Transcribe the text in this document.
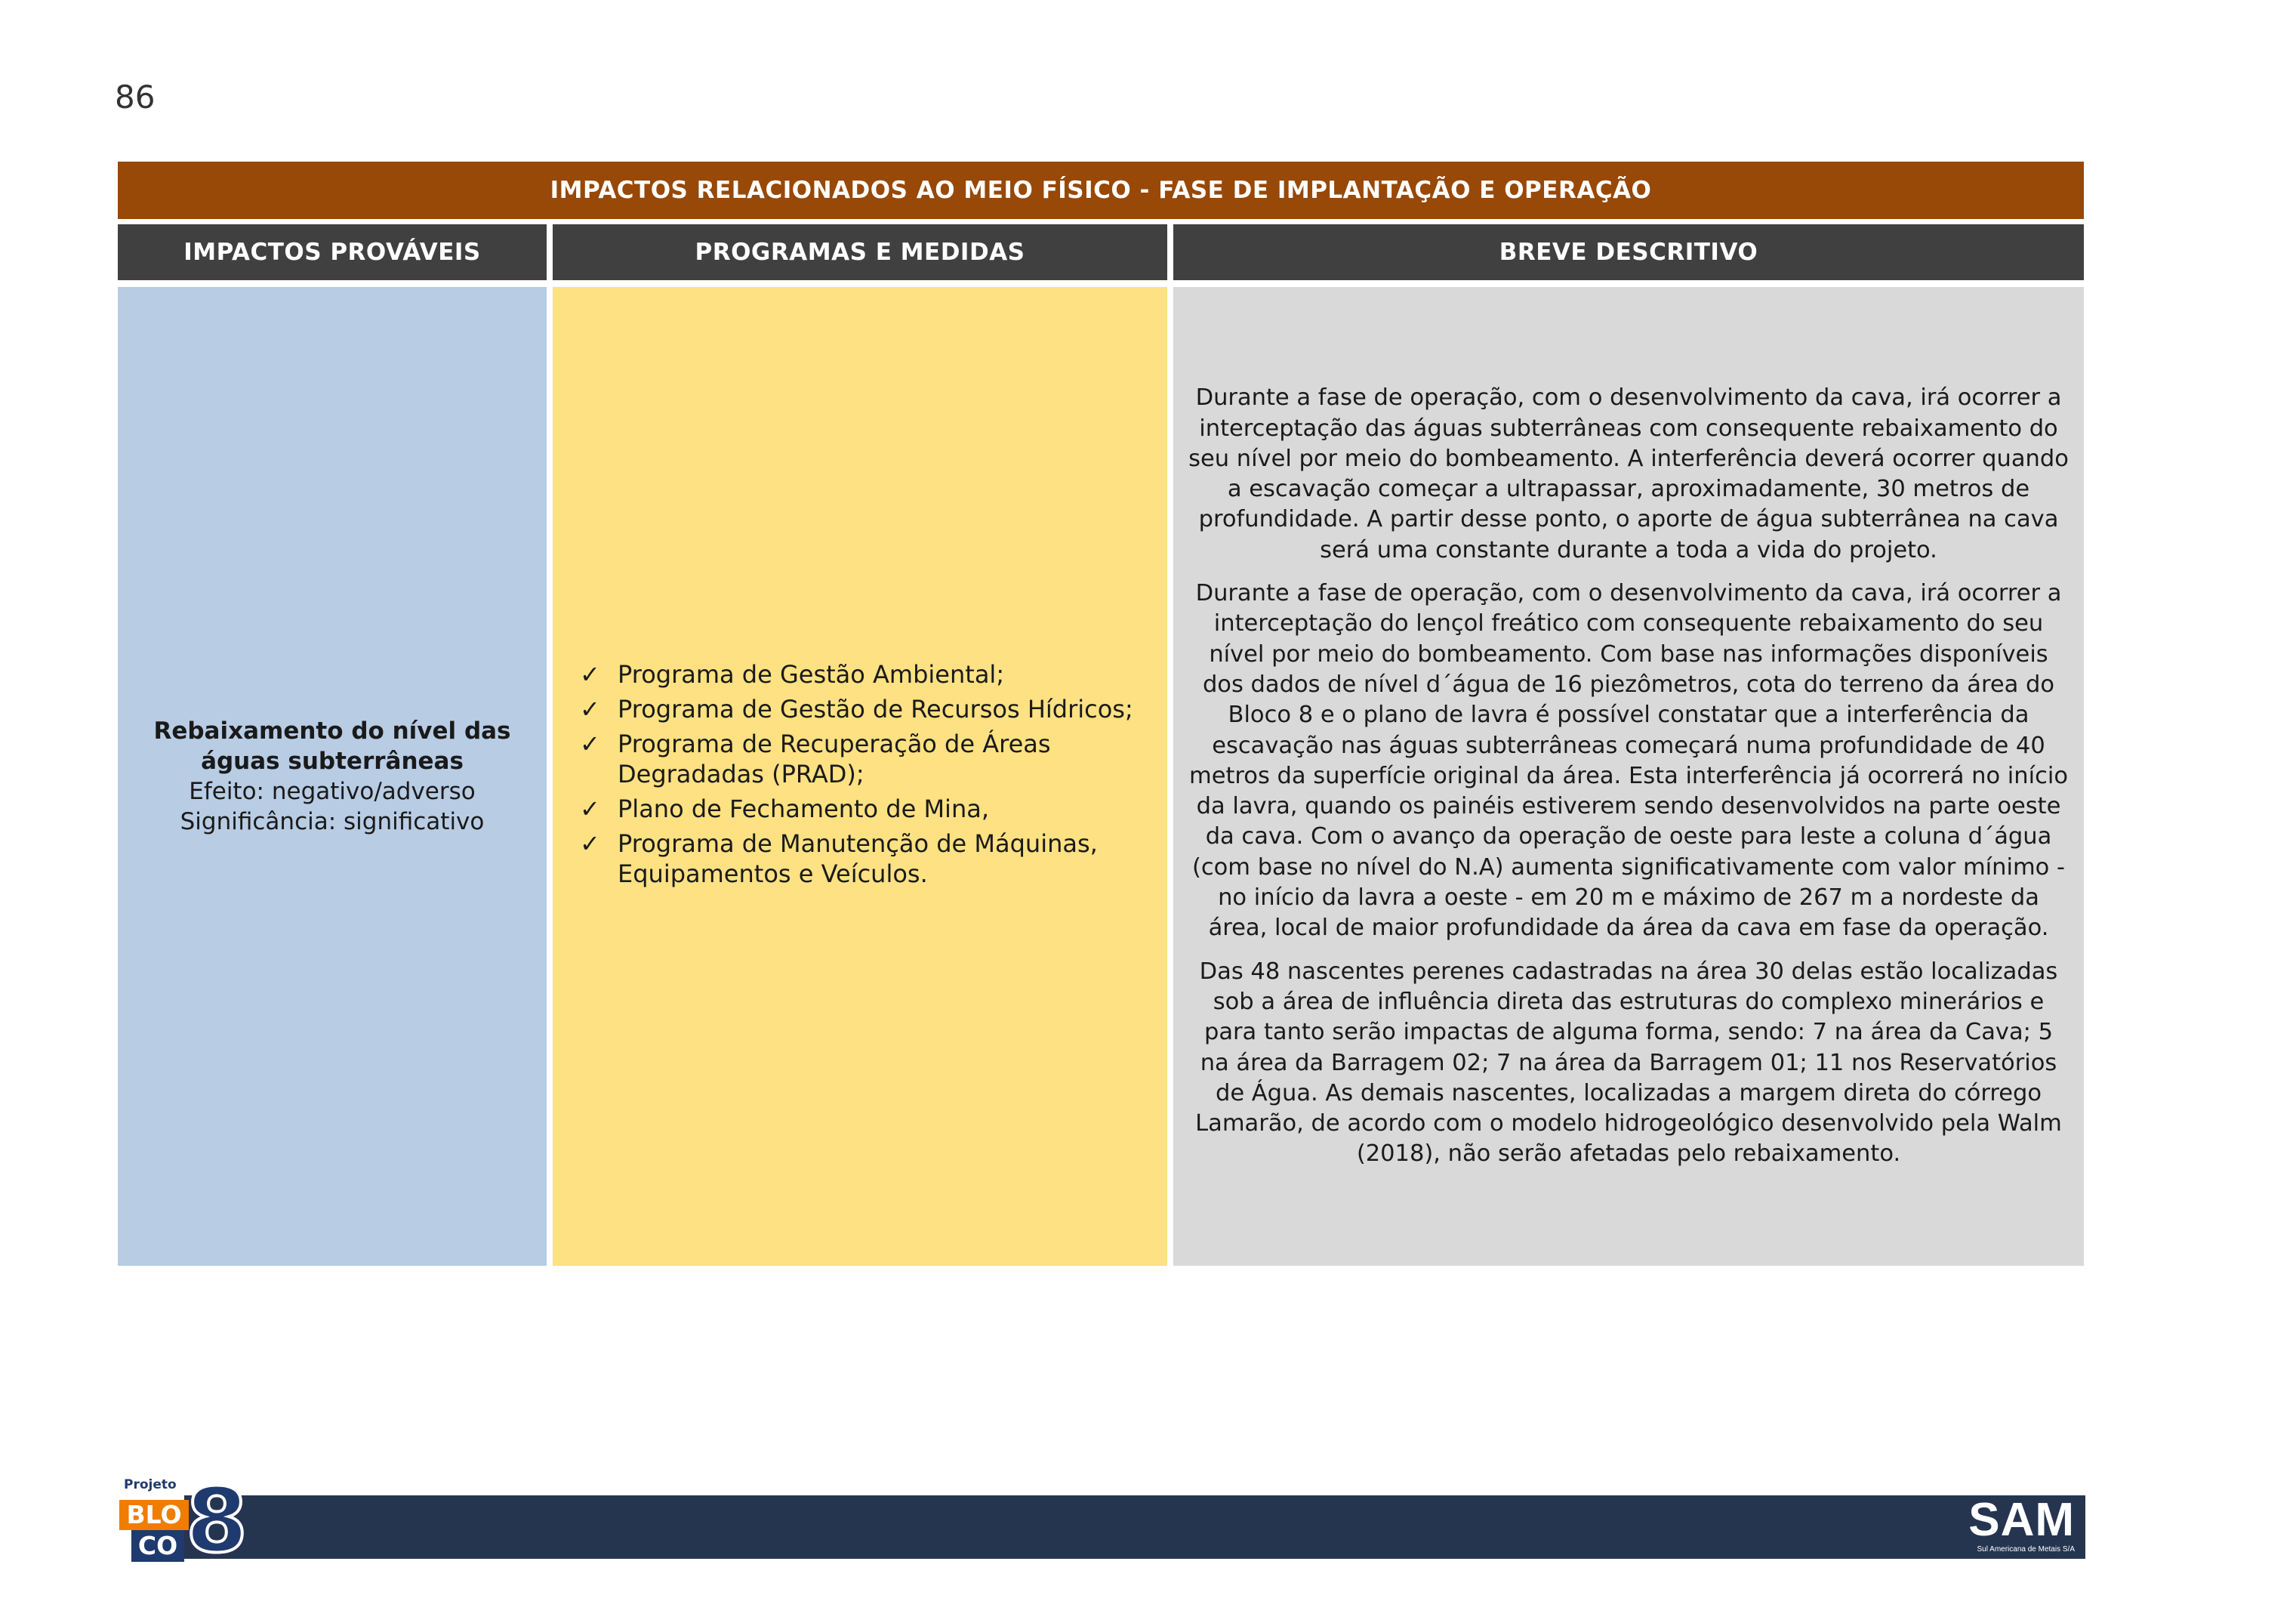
86
IMPACTOS RELACIONADOS AO MEIO FÍSICO - FASE DE IMPLANTAÇÃO E OPERAÇÃO
IMPACTOS PROVÁVEIS	PROGRAMAS E MEDIDAS	BREVE DESCRITIVO
Rebaixamento do nível das águas subterrâneas
Efeito: negativo/adverso
Significância: significativo
✓ Programa de Gestão Ambiental;
✓ Programa de Gestão de Recursos Hídricos;
✓ Programa de Recuperação de Áreas Degradadas (PRAD);
✓ Plano de Fechamento de Mina,
✓ Programa de Manutenção de Máquinas, Equipamentos e Veículos.

Durante a fase de operação, com o desenvolvimento da cava, irá ocorrer a interceptação das águas subterrâneas com consequente rebaixamento do seu nível por meio do bombeamento. A interferência deverá ocorrer quando a escavação começar a ultrapassar, aproximadamente, 30 metros de profundidade. A partir desse ponto, o aporte de água subterrânea na cava será uma constante durante a toda a vida do projeto.

Durante a fase de operação, com o desenvolvimento da cava, irá ocorrer a interceptação do lençol freático com consequente rebaixamento do seu nível por meio do bombeamento. Com base nas informações disponíveis dos dados de nível d´água de 16 piezômetros, cota do terreno da área do Bloco 8 e o plano de lavra é possível constatar que a interferência da escavação nas águas subterrâneas começará numa profundidade de 40 metros da superfície original da área. Esta interferência já ocorrerá no início da lavra, quando os painéis estiverem sendo desenvolvidos na parte oeste da cava. Com o avanço da operação de oeste para leste a coluna d´água (com base no nível do N.A) aumenta significativamente com valor mínimo - no início da lavra a oeste - em 20 m e máximo de 267 m a nordeste da área, local de maior profundidade da área da cava em fase da operação.

Das 48 nascentes perenes cadastradas na área 30 delas estão localizadas sob a área de influência direta das estruturas do complexo minerários e para tanto serão impactas de alguma forma, sendo: 7 na área da Cava; 5 na área da Barragem 02; 7 na área da Barragem 01; 11 nos Reservatórios de Água. As demais nascentes, localizadas a margem direta do córrego Lamarão, de acordo com o modelo hidrogeológico desenvolvido pela Walm (2018), não serão afetadas pelo rebaixamento.

SAM
Sul Americana de Metais S/A
Projeto
BLO
CO 8
